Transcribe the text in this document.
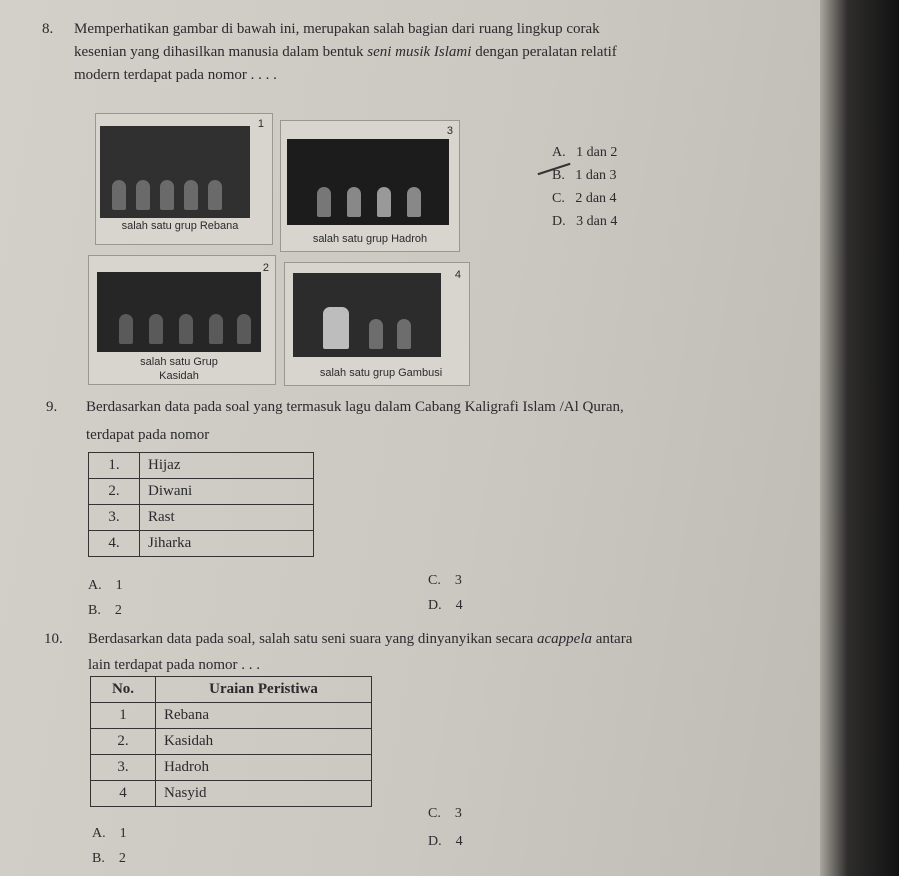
8. Memperhatikan gambar di bawah ini, merupakan salah bagian dari ruang lingkup corak
kesenian yang dihasilkan manusia dalam bentuk seni musik Islami dengan peralatan relatif
modern terdapat pada nomor . . . .
1
salah satu grup Rebana
3
salah satu grup Hadroh
2
salah satu Grup
Kasidah
4
salah satu grup Gambusi
A. 1 dan 2
B. 1 dan 3
C. 2 dan 4
D. 3 dan 4
9. Berdasarkan data pada soal yang termasuk lagu dalam Cabang Kaligrafi Islam /Al Quran,
terdapat pada nomor
1.	Hijaz
2.	Diwani
3.	Rast
4.	Jiharka
A. 1
B. 2
C. 3
D. 4
10. Berdasarkan data pada soal, salah satu seni suara yang dinyanyikan secara acappela antara
lain terdapat pada nomor . . .
No.	Uraian Peristiwa
1	Rebana
2.	Kasidah
3.	Hadroh
4	Nasyid
A. 1
B. 2
C. 3
D. 4
